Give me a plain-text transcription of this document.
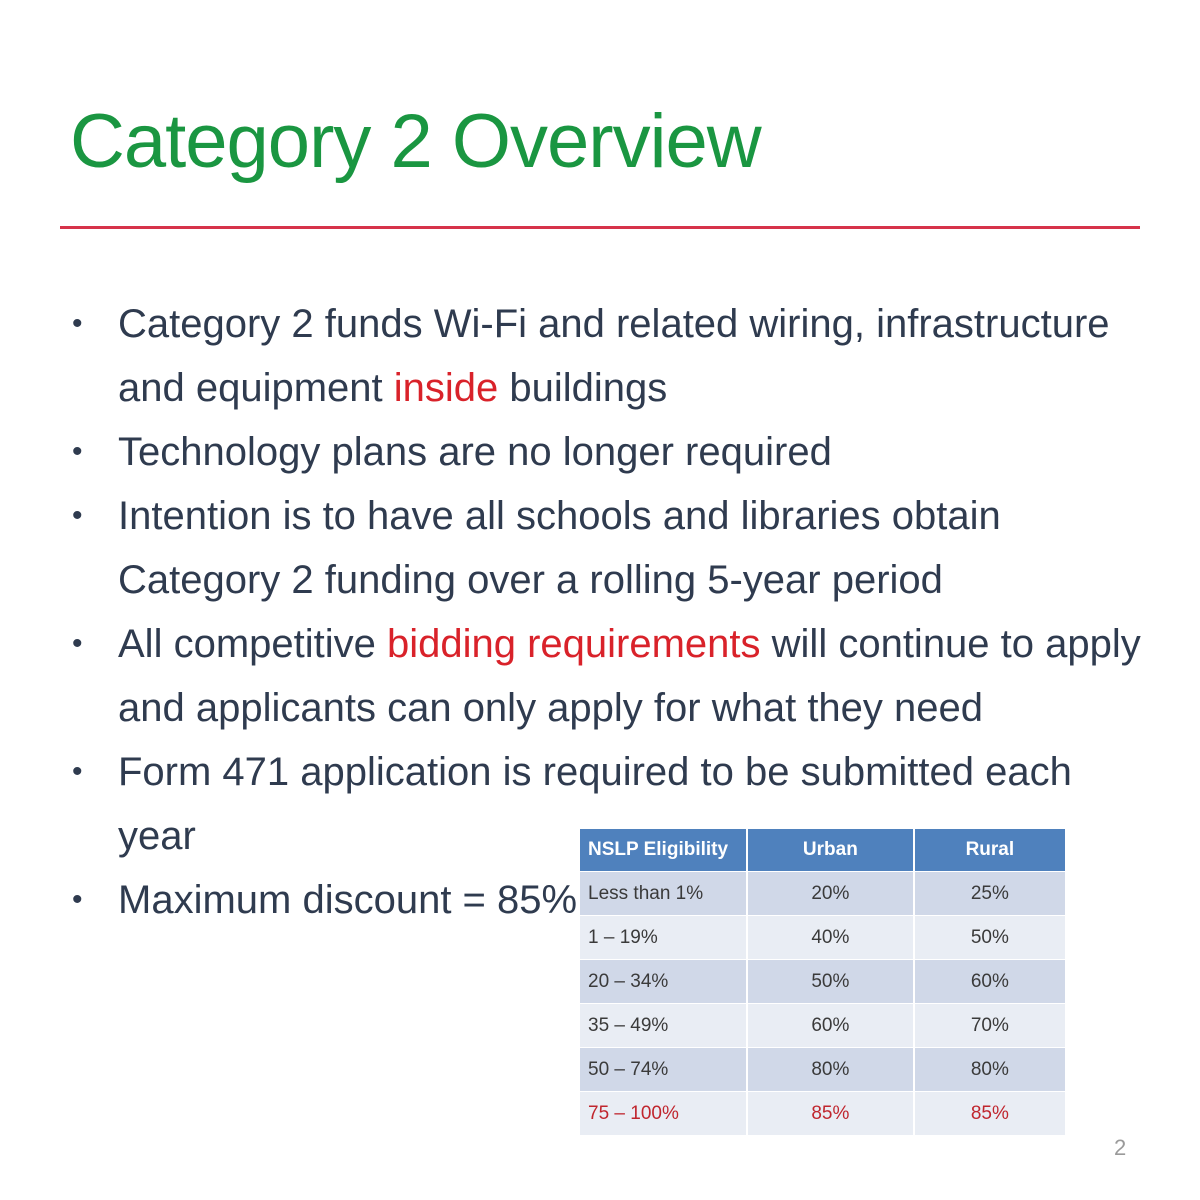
Category 2 Overview
• Category 2 funds Wi-Fi and related wiring, infrastructure and equipment inside buildings
• Technology plans are no longer required
• Intention is to have all schools and libraries obtain Category 2 funding over a rolling 5-year period
• All competitive bidding requirements will continue to apply and applicants can only apply for what they need
• Form 471 application is required to be submitted each year
• Maximum discount = 85%
NSLP Eligibility	Urban	Rural
Less than 1%	20%	25%
1 – 19%	40%	50%
20 – 34%	50%	60%
35 – 49%	60%	70%
50 – 74%	80%	80%
75 – 100%	85%	85%
2
